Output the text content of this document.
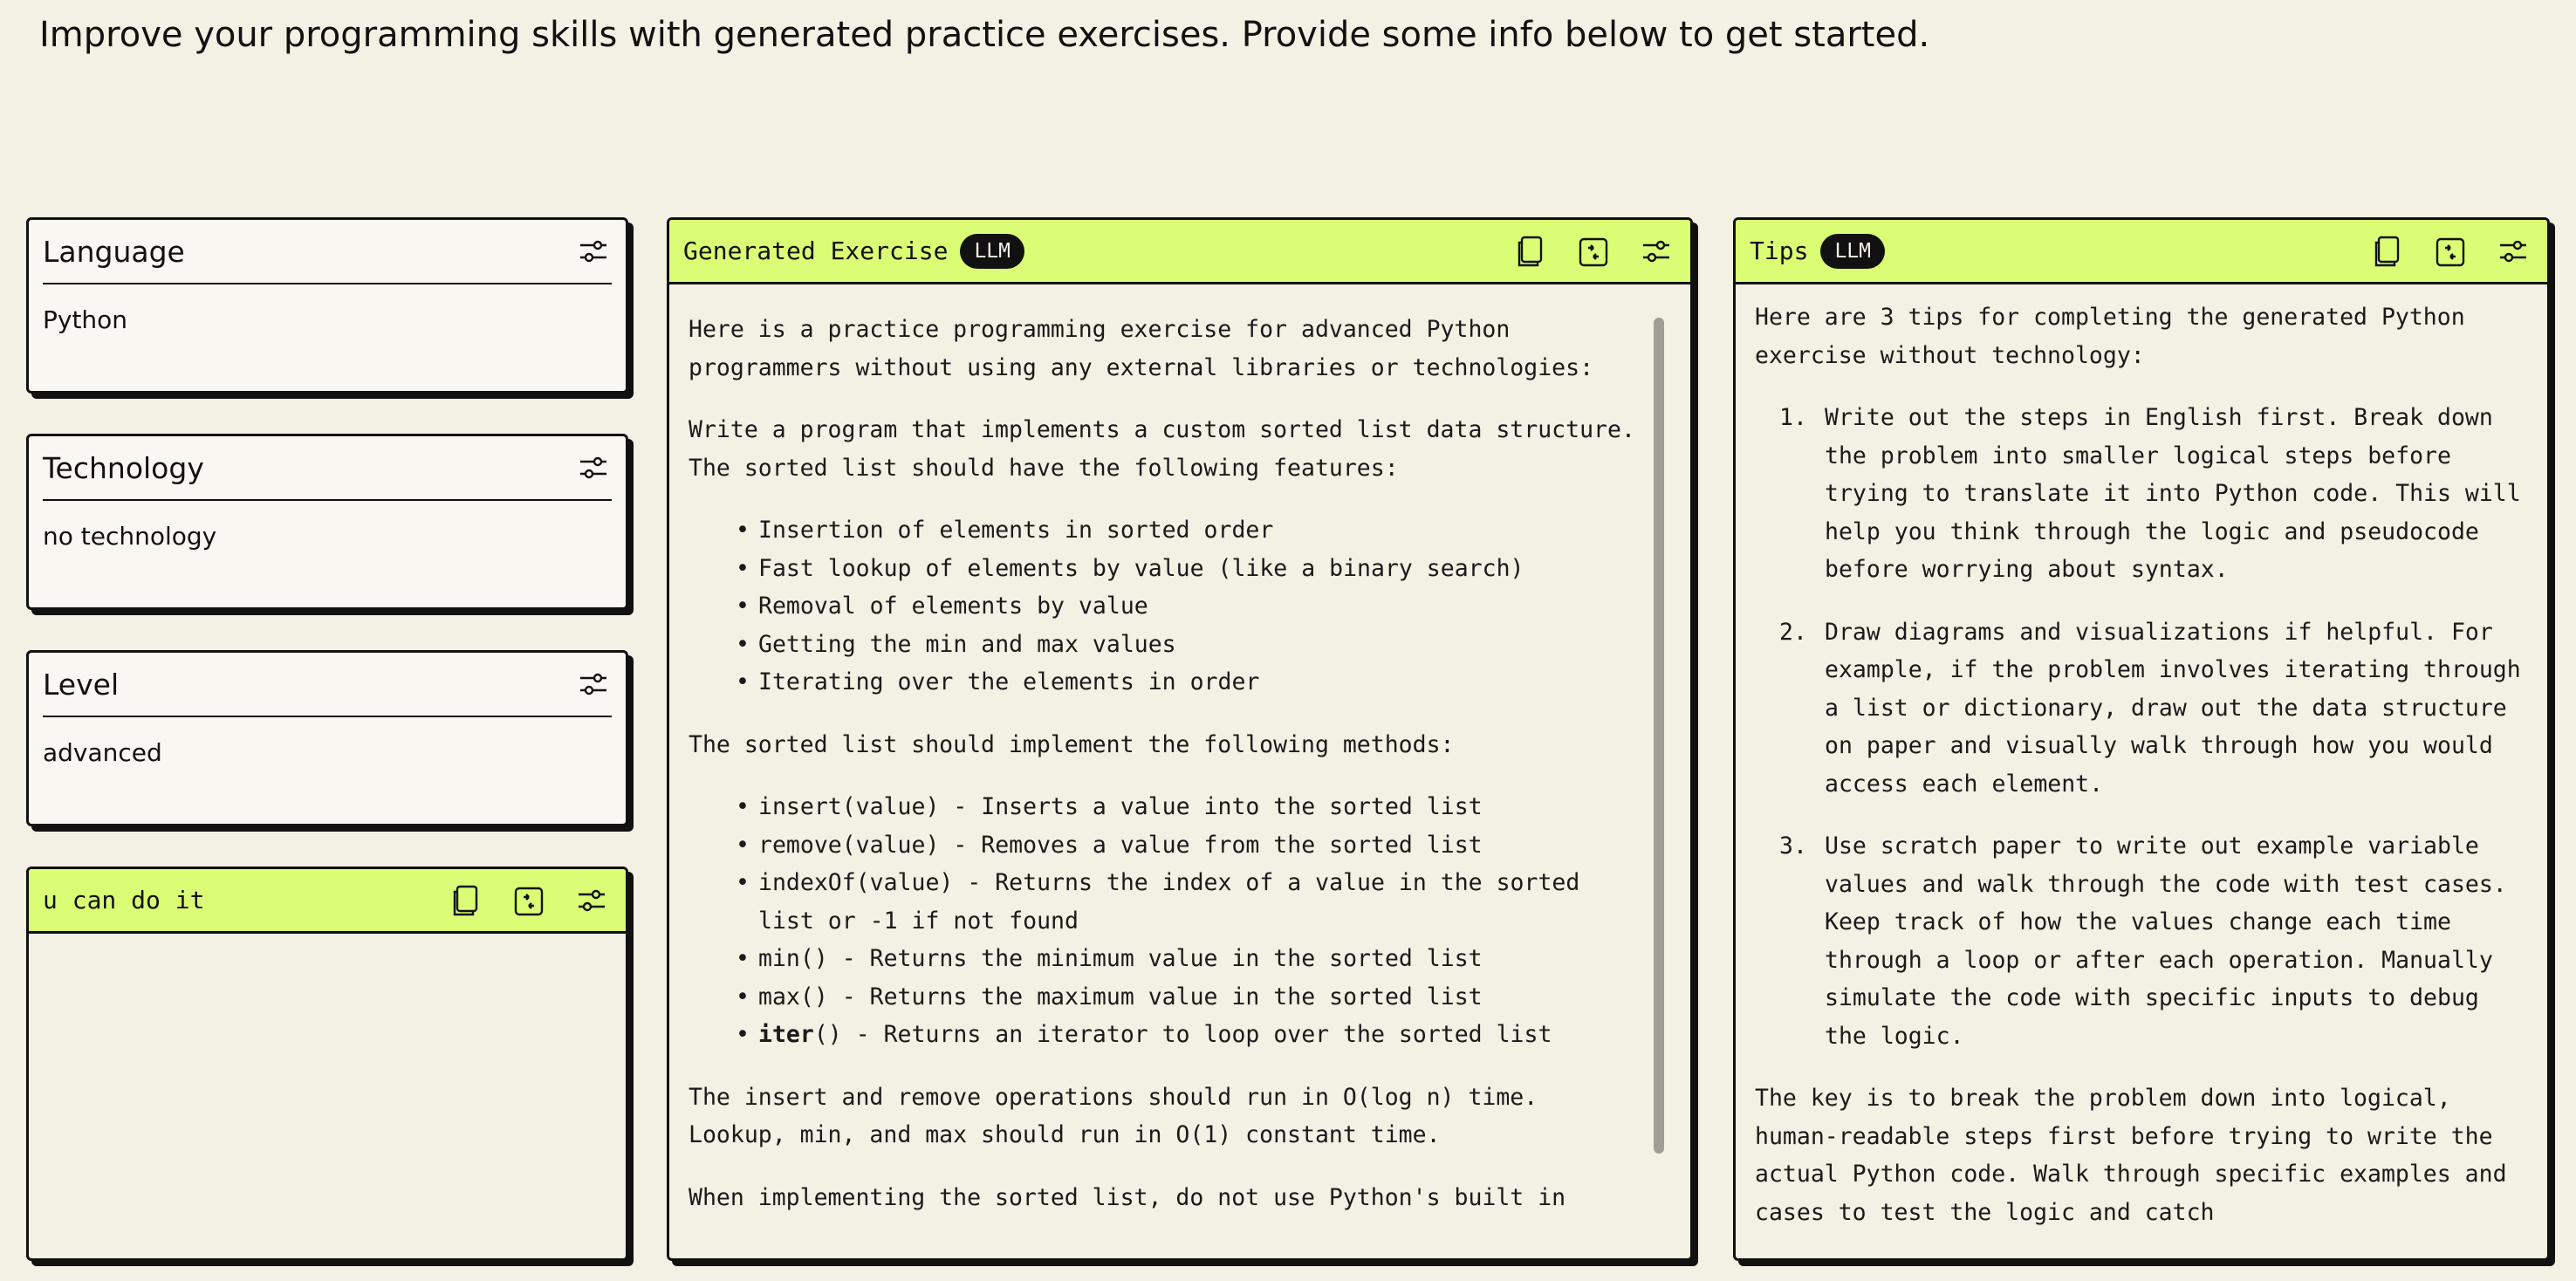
Improve your programming skills with generated practice exercises. Provide some info below to get started.
Language
Python
Technology
no technology
Level
advanced
u can do it
Generated Exercise	LLM

Here is a practice programming exercise for advanced Python programmers without using any external libraries or technologies:

Write a program that implements a custom sorted list data structure. The sorted list should have the following features:

• Insertion of elements in sorted order
• Fast lookup of elements by value (like a binary search)
• Removal of elements by value
• Getting the min and max values
• Iterating over the elements in order

The sorted list should implement the following methods:

• insert(value) - Inserts a value into the sorted list
• remove(value) - Removes a value from the sorted list
• indexOf(value) - Returns the index of a value in the sorted list or -1 if not found
• min() - Returns the minimum value in the sorted list
• max() - Returns the maximum value in the sorted list
• iter() - Returns an iterator to loop over the sorted list

The insert and remove operations should run in O(log n) time. Lookup, min, and max should run in O(1) constant time.

When implementing the sorted list, do not use Python's built in

Tips	LLM

Here are 3 tips for completing the generated Python exercise without technology:

1. Write out the steps in English first. Break down the problem into smaller logical steps before trying to translate it into Python code. This will help you think through the logic and pseudocode before worrying about syntax.
2. Draw diagrams and visualizations if helpful. For example, if the problem involves iterating through a list or dictionary, draw out the data structure on paper and visually walk through how you would access each element.
3. Use scratch paper to write out example variable values and walk through the code with test cases. Keep track of how the values change each time through a loop or after each operation. Manually simulate the code with specific inputs to debug the logic.

The key is to break the problem down into logical, human-readable steps first before trying to write the actual Python code. Walk through specific examples and cases to test the logic and catch
